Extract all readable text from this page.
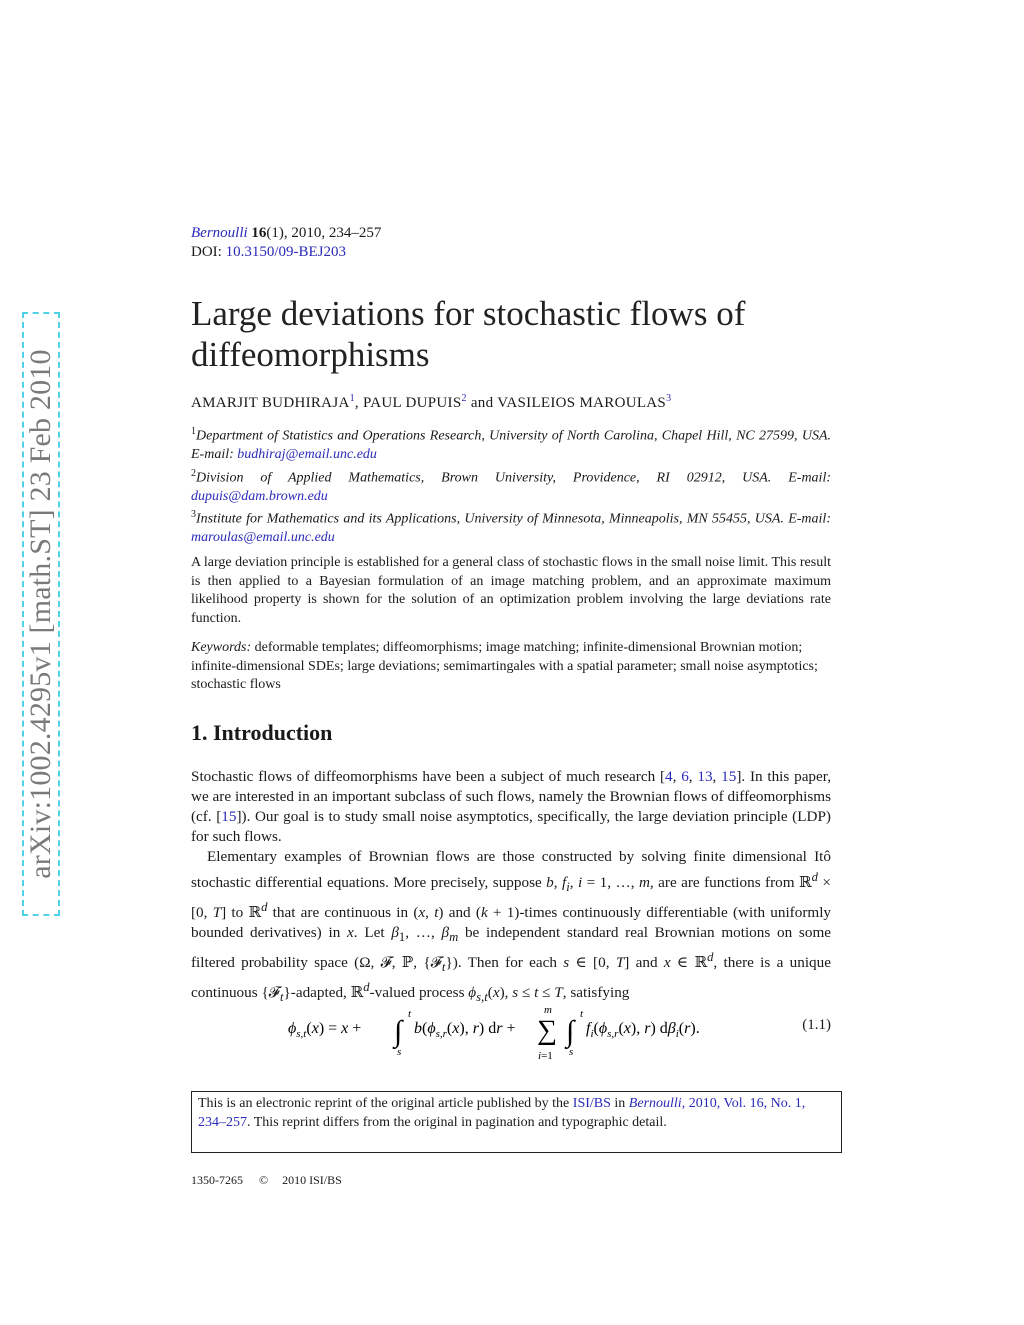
arXiv:1002.4295v1 [math.ST] 23 Feb 2010
Bernoulli 16(1), 2010, 234–257
DOI: 10.3150/09-BEJ203
Large deviations for stochastic flows of
diffeomorphisms
AMARJIT BUDHIRAJA$^1$, PAUL DUPUIS$^2$ and VASILEIOS MAROULAS$^3$

$^1$Department of Statistics and Operations Research, University of North Carolina, Chapel Hill, NC 27599, USA. E-mail: budhiraj@email.unc.edu

$^2$Division of Applied Mathematics, Brown University, Providence, RI 02912, USA. E-mail: dupuis@dam.brown.edu

$^3$Institute for Mathematics and its Applications, University of Minnesota, Minneapolis, MN 55455, USA. E-mail: maroulas@email.unc.edu

A large deviation principle is established for a general class of stochastic flows in the small noise limit. This result is then applied to a Bayesian formulation of an image matching problem, and an approximate maximum likelihood property is shown for the solution of an optimization problem involving the large deviations rate function.

Keywords: deformable templates; diffeomorphisms; image matching; infinite-dimensional Brownian motion; infinite-dimensional SDEs; large deviations; semimartingales with a spatial parameter; small noise asymptotics; stochastic flows

1. Introduction

Stochastic flows of diffeomorphisms have been a subject of much research [4, 6, 13, 15]. In this paper, we are interested in an important subclass of such flows, namely the Brownian flows of diffeomorphisms (cf. [15]). Our goal is to study small noise asymptotics, specifically, the large deviation principle (LDP) for such flows.

Elementary examples of Brownian flows are those constructed by solving finite dimensional Itô stochastic differential equations. More precisely, suppose b, $f_i$, i = 1, …, m, are are functions from ℝ$^d$ × [0, T] to ℝ$^d$ that are continuous in (x, t) and (k + 1)-times continuously differentiable (with uniformly bounded derivatives) in x. Let $\beta_1$, …, $\beta_m$ be independent standard real Brownian motions on some filtered probability space (Ω, 𝓕, ℙ, {𝓕$_t$}). Then for each s ∈ [0, T] and x ∈ ℝ$^d$, there is a unique continuous {𝓕$_t$}-adapted, ℝ$^d$-valued process $\phi_{s,t}(x)$, s ≤ t ≤ T, satisfying

$\phi_{s,t}(x) = x$ + ∫
t
s
$b(\phi_{s,r}(x)$, r) dr + ∑
m
i=1
∫
t
s
$f_i(\phi_{s,r}(x)$, r) $d\beta_i(r)$.	(1.1)
This is an electronic reprint of the original article published by the ISI/BS in Bernoulli, 2010, Vol. 16, No. 1, 234–257. This reprint differs from the original in pagination and typographic detail.
1350-7265 © 2010 ISI/BS
